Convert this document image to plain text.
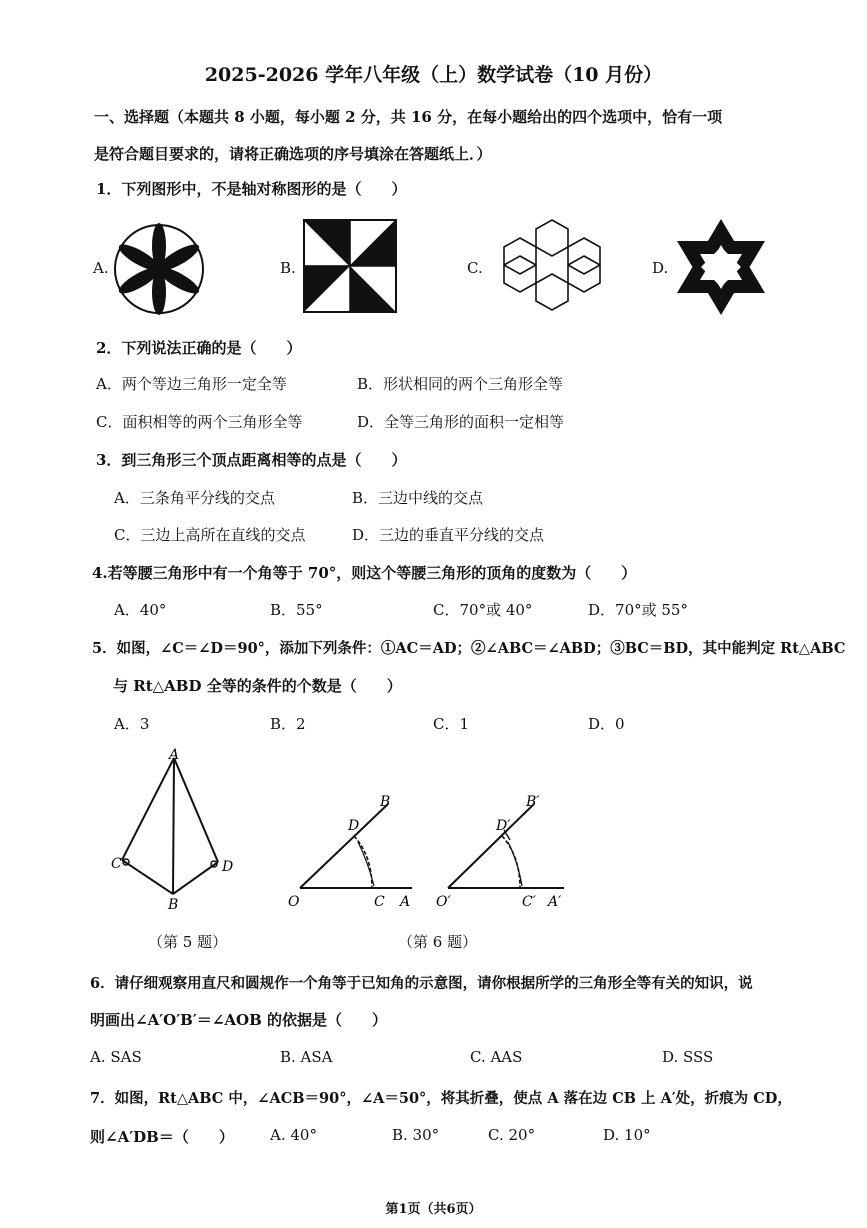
2025-2026 学年八年级（上）数学试卷（10 月份）
一、选择题（本题共 8 小题，每小题 2 分，共 16 分，在每小题给出的四个选项中，恰有一项
是符合题目要求的，请将正确选项的序号填涂在答题纸上．）
1．下列图形中，不是轴对称图形的是（　　）
A.	B.	C.	D.
2．下列说法正确的是（　　）
A．两个等边三角形一定全等	B．形状相同的两个三角形全等
C．面积相等的两个三角形全等	D．全等三角形的面积一定相等
3．到三角形三个顶点距离相等的点是（　　）
A．三条角平分线的交点	B．三边中线的交点
C．三边上高所在直线的交点	D．三边的垂直平分线的交点
4.若等腰三角形中有一个角等于 70°，则这个等腰三角形的顶角的度数为（　　）
A．40°	B．55°	C．70°或 40°	D．70°或 55°
5．如图，∠C＝∠D＝90°，添加下列条件：①AC＝AD；②∠ABC＝∠ABD；③BC＝BD，其中能判定 Rt△ABC
与 Rt△ABD 全等的条件的个数是（　　）
A．3	B．2	C．1	D．0
A
B
C	D
（第 5 题）
O	A
B
C
D
O′	A′
B′
C′
D′
（第 6 题）
6．请仔细观察用直尺和圆规作一个角等于已知角的示意图，请你根据所学的三角形全等有关的知识，说
明画出∠A′O′B′＝∠AOB 的依据是（　　）
A. SAS	B. ASA	C. AAS	D. SSS
7．如图，Rt△ABC 中，∠ACB＝90°，∠A＝50°，将其折叠，使点 A 落在边 CB 上 A′处，折痕为 CD，
则∠A′DB＝（　　） A. 40°	B. 30°	C. 20°	D. 10°
第1页（共6页）
